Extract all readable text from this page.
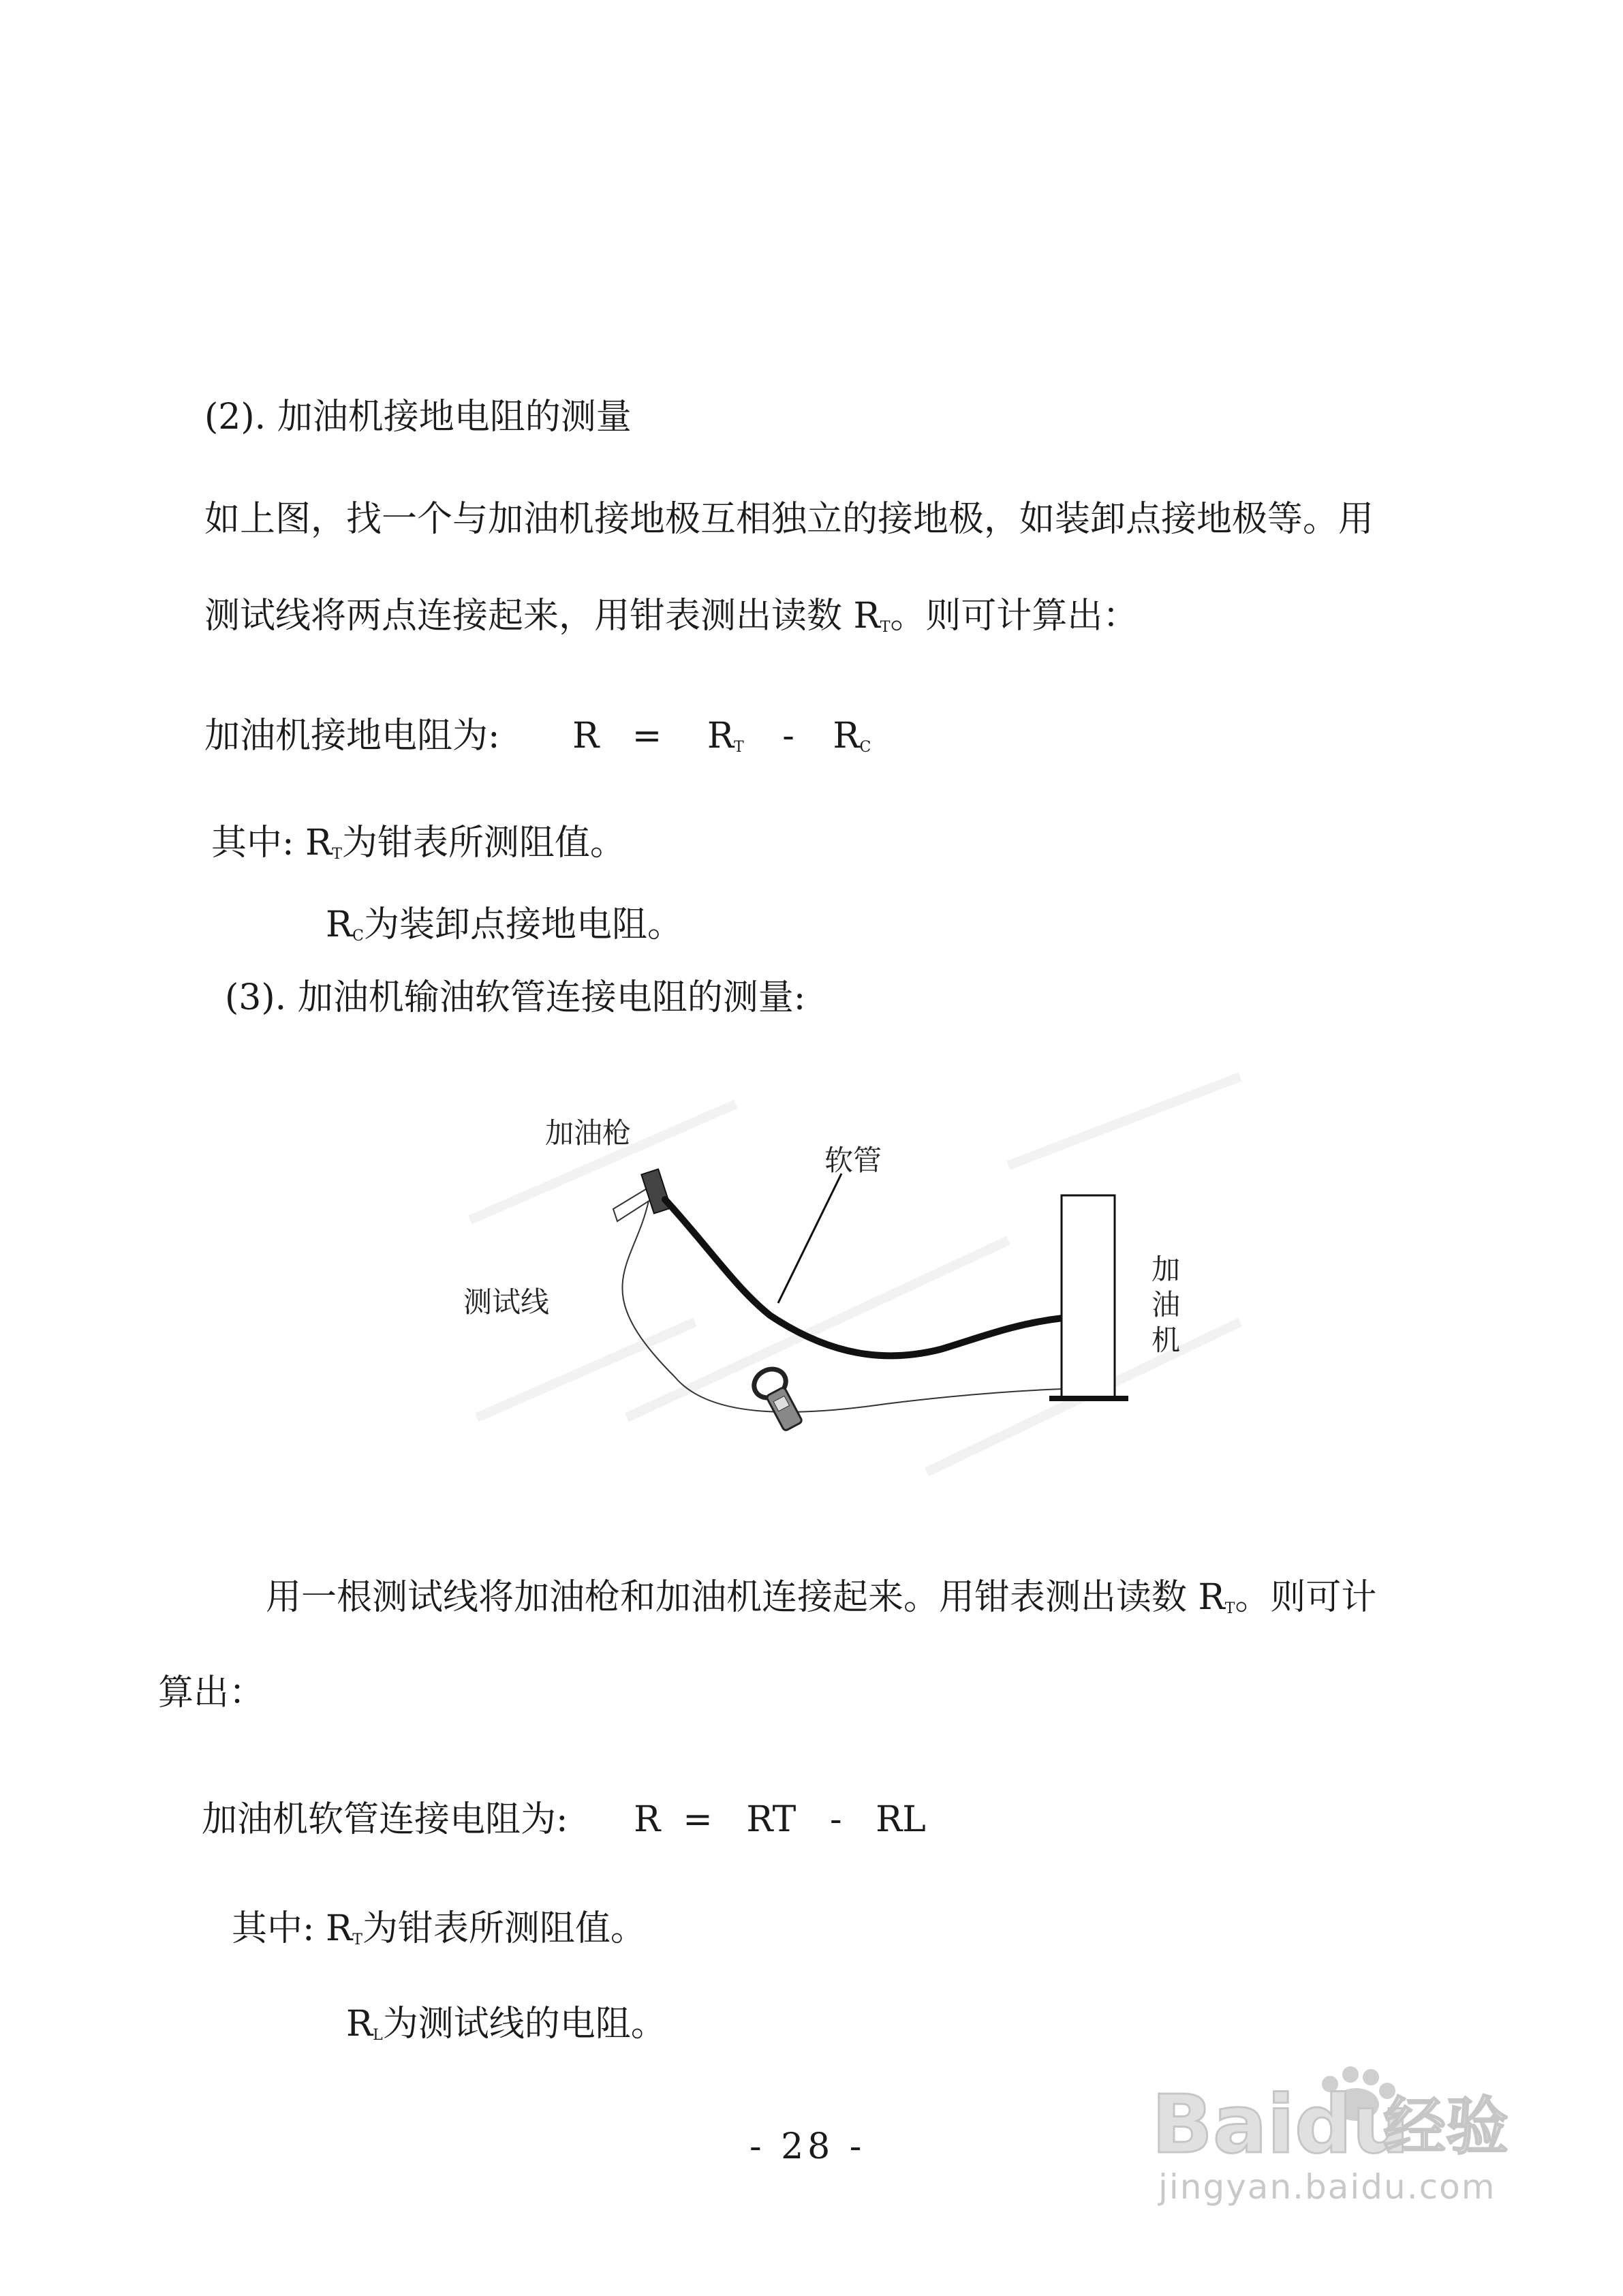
(2). 加油机接地电阻的测量
如上图，找一个与加油机接地极互相独立的接地极，如装卸点接地极等。用
测试线将两点连接起来，用钳表测出读数 $R_T$。则可计算出：
加油机接地电阻为: $R = R_T - R_C$
其中: $R_T$为钳表所测阻值。
$R_C$为装卸点接地电阻。
(3). 加油机输油软管连接电阻的测量:
加油枪
软管
测试线
加
油
机
用一根测试线将加油枪和加油机连接起来。用钳表测出读数 $R_T$。则可计
算出：
加油机软管连接电阻为: R  =   RT   -   RL
其中: $R_T$为钳表所测阻值。
$R_L$为测试线的电阻。
- 28 -	Baidu
经验
jingyan.baidu.com
